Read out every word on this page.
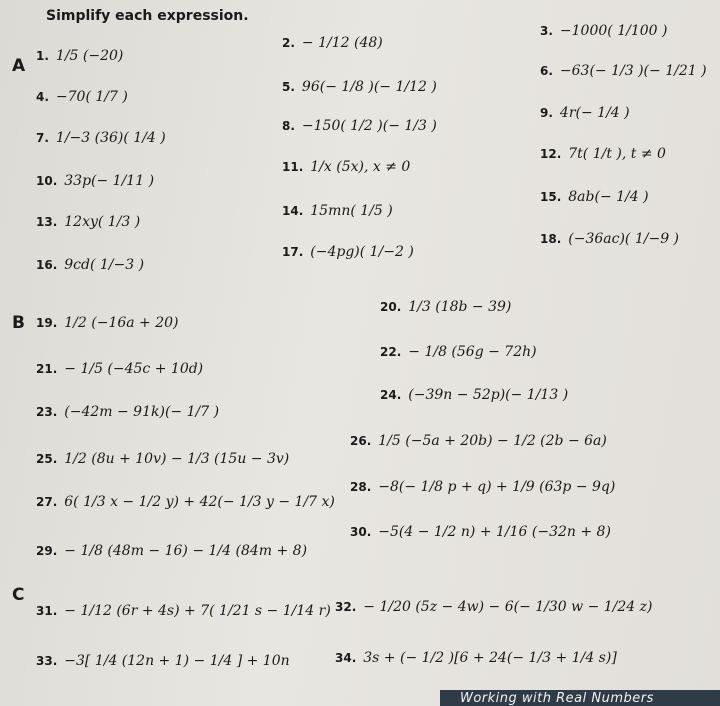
Simplify each expression.
A
B
C
1. 1/5 (−20)
2. − 1/12 (48)
3. −1000( 1/100 )
4. −70( 1/7 )
5. 96(− 1/8 )(− 1/12 )
6. −63(− 1/3 )(− 1/21 )
7. 1/−3 (36)( 1/4 )
8. −150( 1/2 )(− 1/3 )
9. 4r(− 1/4 )
10. 33p(− 1/11 )
11. 1/x (5x), x ≠ 0
12. 7t( 1/t ), t ≠ 0
13. 12xy( 1/3 )
14. 15mn( 1/5 )
15. 8ab(− 1/4 )
16. 9cd( 1/−3 )
17. (−4pg)( 1/−2 )
18. (−36ac)( 1/−9 )
19. 1/2 (−16a + 20)
20. 1/3 (18b − 39)
21. − 1/5 (−45c + 10d)
22. − 1/8 (56g − 72h)
23. (−42m − 91k)(− 1/7 )
24. (−39n − 52p)(− 1/13 )
25. 1/2 (8u + 10v) − 1/3 (15u − 3v)
26. 1/5 (−5a + 20b) − 1/2 (2b − 6a)
27. 6( 1/3 x − 1/2 y) + 42(− 1/3 y − 1/7 x)
28. −8(− 1/8 p + q) + 1/9 (63p − 9q)
29. − 1/8 (48m − 16) − 1/4 (84m + 8)
30. −5(4 − 1/2 n) + 1/16 (−32n + 8)
31. − 1/12 (6r + 4s) + 7( 1/21 s − 1/14 r) 32. − 1/20 (5z − 4w) − 6(− 1/30 w − 1/24 z)
33. −3[ 1/4 (12n + 1) − 1/4 ] + 10n	34. 3s + (− 1/2 )[6 + 24(− 1/3 + 1/4 s)]
Working with Real Numbers
